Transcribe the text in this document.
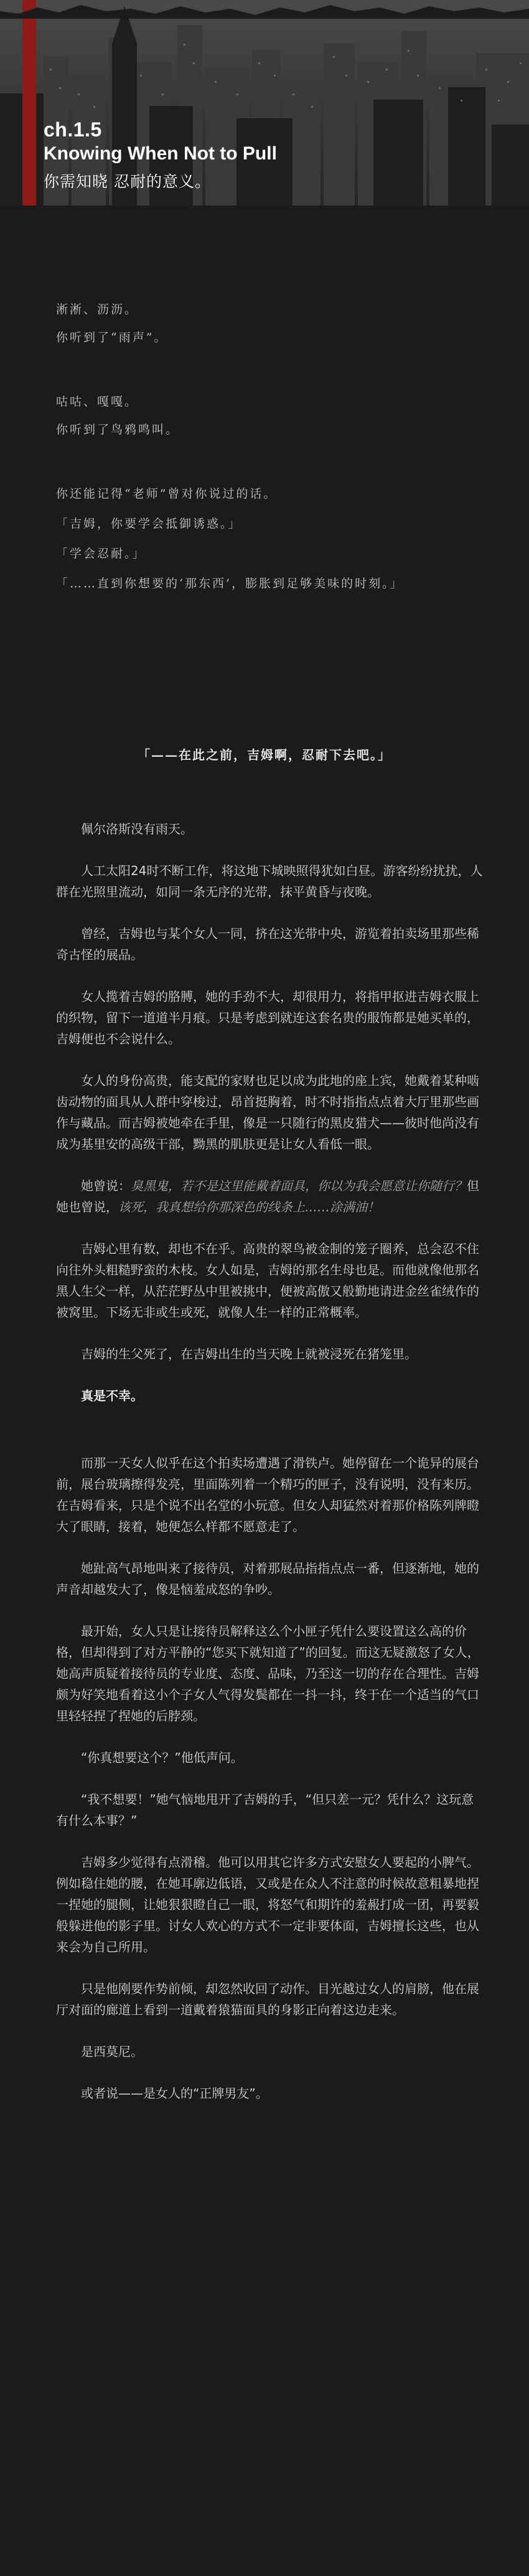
ch.1.5
Knowing When Not to Pull
你需知晓 忍耐的意义。
淅淅、沥沥。
你听到了“雨声”。
咕咕、嘎嘎。
你听到了鸟鸦鸣叫。
你还能记得“老师”曾对你说过的话。
「吉姆，你要学会抵御诱惑。」
「学会忍耐。」
「……直到你想要的‘那东西’，膨胀到足够美味的时刻。」
「——在此之前，吉姆啊，忍耐下去吧。」

佩尔洛斯没有雨天。

人工太阳24时不断工作，将这地下城映照得犹如白昼。游客纷纷扰扰，人群在光照里流动，如同一条无序的光带，抹平黄昏与夜晚。

曾经，吉姆也与某个女人一同，挤在这光带中央，游览着拍卖场里那些稀奇古怪的展品。

女人揽着吉姆的胳膊，她的手劲不大，却很用力，将指甲抠进吉姆衣服上的织物，留下一道道半月痕。只是考虑到就连这套名贵的服饰都是她买单的，吉姆便也不会说什么。

女人的身份高贵，能支配的家财也足以成为此地的座上宾，她戴着某种啮齿动物的面具从人群中穿梭过，昂首挺胸着，时不时指指点点着大厅里那些画作与藏品。而吉姆被她牵在手里，像是一只随行的黑皮猎犬——彼时他尚没有成为基里安的高级干部，黝黑的肌肤更是让女人看低一眼。

她曾说：臭黑鬼，若不是这里能戴着面具，你以为我会愿意让你随行？但她也曾说，该死，我真想给你那深色的线条上……涂满油！

吉姆心里有数，却也不在乎。高贵的翠鸟被金制的笼子圈养，总会忍不住向往外头粗糙野蛮的木枝。女人如是，吉姆的那名生母也是。而他就像他那名黑人生父一样，从茫茫野丛中里被挑中，便被高傲又般勤地请进金丝雀绒作的被窝里。下场无非或生或死，就像人生一样的正常概率。

吉姆的生父死了，在吉姆出生的当天晚上就被浸死在猪笼里。

真是不幸。

而那一天女人似乎在这个拍卖场遭遇了滑铁卢。她停留在一个诡异的展台前，展台玻璃擦得发亮，里面陈列着一个精巧的匣子，没有说明，没有来历。在吉姆看来，只是个说不出名堂的小玩意。但女人却猛然对着那价格陈列牌瞪大了眼睛，接着，她便怎么样都不愿意走了。

她趾高气昂地叫来了接待员，对着那展品指指点点一番，但逐渐地，她的声音却越发大了，像是恼羞成怒的争吵。

最开始，女人只是让接待员解释这么个小匣子凭什么要设置这么高的价格，但却得到了对方平静的“您买下就知道了”的回复。而这无疑激怒了女人，她高声质疑着接待员的专业度、态度、品味，乃至这一切的存在合理性。吉姆颇为好笑地看着这小个子女人气得发鬓都在一抖一抖，终于在一个适当的气口里轻轻捏了捏她的后脖颈。

“你真想要这个？”他低声问。

“我不想要！”她气恼地甩开了吉姆的手，“但只差一元？凭什么？这玩意有什么本事？”

吉姆多少觉得有点滑稽。他可以用其它许多方式安慰女人要起的小脾气。例如稳住她的腰，在她耳廓边低语，又或是在众人不注意的时候故意粗暴地捏一捏她的腿侧，让她狠狠瞪自己一眼，将怒气和期许的羞赧打成一团，再要毅般躲进他的影子里。讨女人欢心的方式不一定非要体面，吉姆擅长这些，也从来会为自己所用。

只是他刚要作势前倾，却忽然收回了动作。目光越过女人的肩膀，他在展厅对面的廊道上看到一道戴着猿猫面具的身影正向着这边走来。

是西莫尼。

或者说——是女人的“正牌男友”。
